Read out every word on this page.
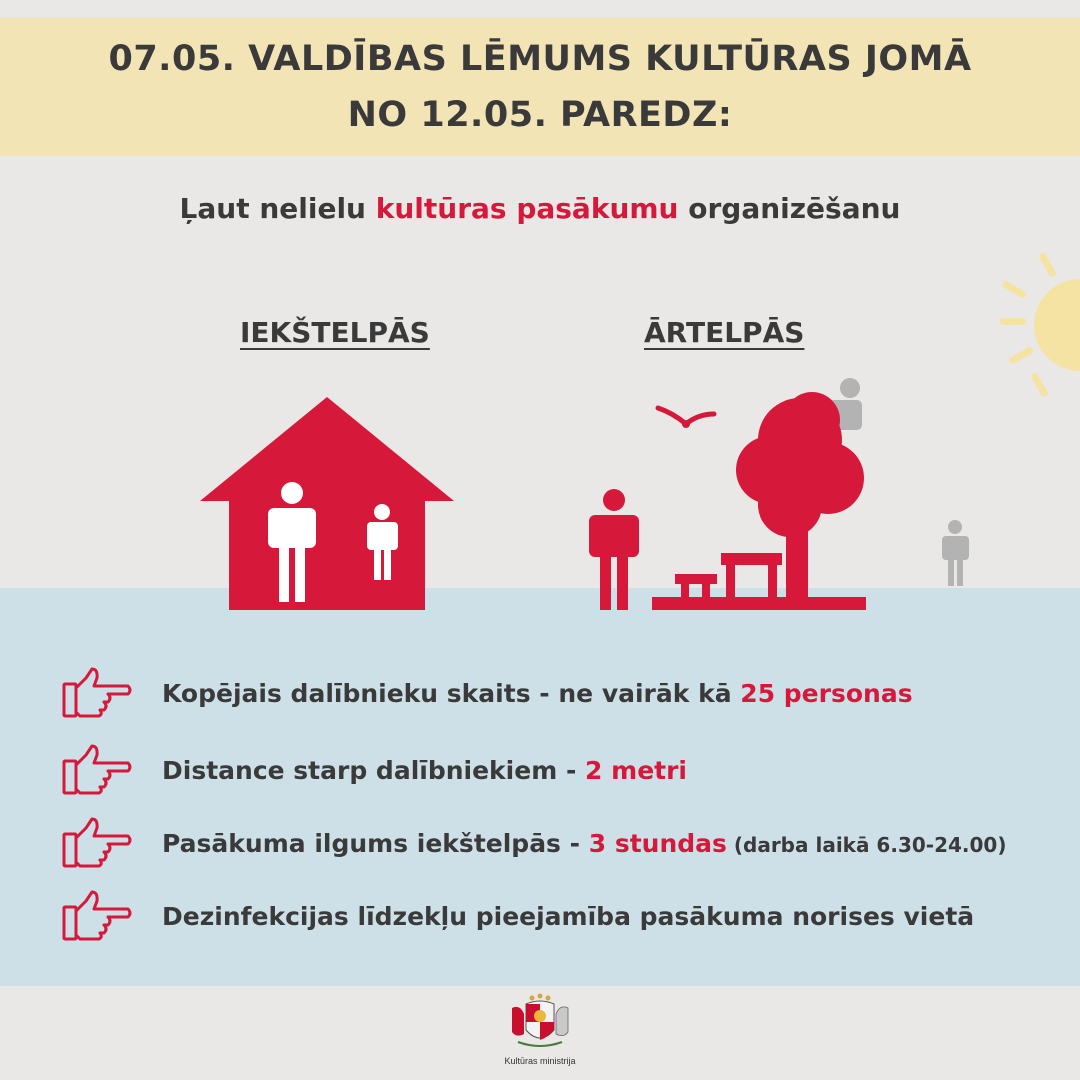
07.05. VALDĪBAS LĒMUMS KULTŪRAS JOMĀ
NO 12.05. PAREDZ:
Ļaut nelielu kultūras pasākumu organizēšanu
IEKŠTELPĀS	ĀRTELPĀS
Kopējais dalībnieku skaits - ne vairāk kā 25 personas
Distance starp dalībniekiem - 2 metri
Pasākuma ilgums iekštelpās - 3 stundas (darba laikā 6.30-24.00)
Dezinfekcijas līdzekļu pieejamība pasākuma norises vietā
Kultūras ministrija
